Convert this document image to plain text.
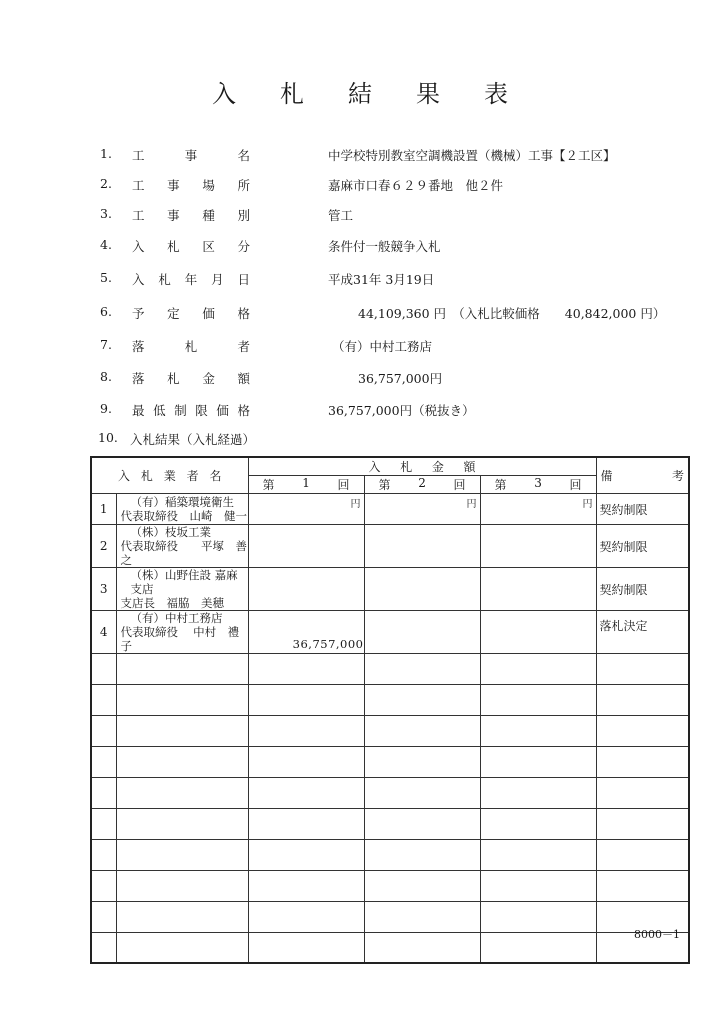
入 札 結 果 表
1. 工	事	名	中学校特別教室空調機設置（機械）工事【２工区】
2. 工 事 場 所	嘉麻市口春６２９番地　他２件
3. 工 事 種 別	管工
4. 入 札 区 分	条件付一般競争入札
5. 入 札 年 月 日	平成31年 3月19日
6. 予 定 価 格	44,109,360 円　（入札比較価格　　40,842,000 円）
7. 落	札	者	（有）中村工務店
8. 落 札 金 額	36,757,000円
9. 最 低 制 限 価 格	36,757,000円（税抜き）
10. 入札結果（入札経過）
入 札 業 者 名		入 札 金 額			備 考

		第 1 回	第 2 回	第 3 回	

1	（有）稲築環境衛生
代表取締役　山崎　健一	円	円	円	契約制限
2	（株）枝坂工業
代表取締役　　平塚　善之				契約制限
3	（株）山野住設 嘉麻支店
支店長　福脇　美穂				契約制限
4	（有）中村工務店
代表取締役　 中村　禮子	36,757,000			落札決定

8000－1
